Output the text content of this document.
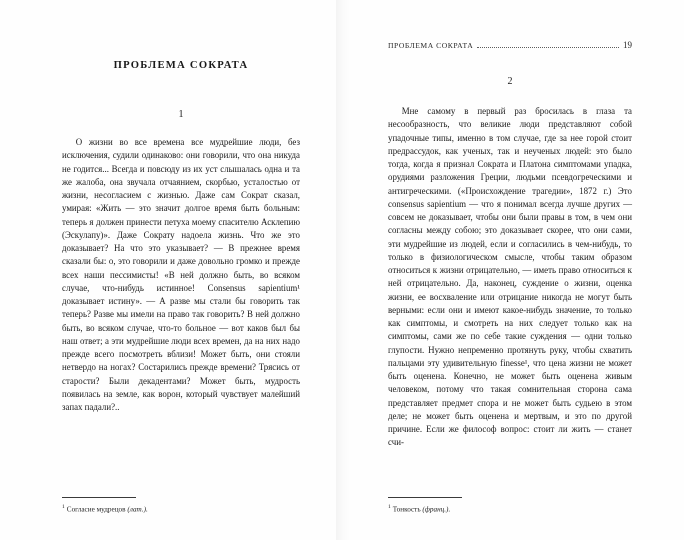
ПРОБЛЕМА СОКРАТА
1

О жизни во все времена все мудрейшие люди, без исключения, судили одинаково: они говорили, что она никуда не годится... Всегда и повсюду из их уст слышалась одна и та же жалоба, она звучала отчаянием, скорбью, усталостью от жизни, несогласием с жизнью. Даже сам Сократ сказал, умирая: «Жить — это значит долгое время быть больным: теперь я должен принести петуха моему спасителю Асклепию (Эскулапу)». Даже Сократу надоела жизнь. Что же это доказывает? На что это указывает? — В прежнее время сказали бы: о, это говорили и даже довольно громко и прежде всех наши пессимисты! «В ней должно быть, во всяком случае, что-нибудь истинное! Consensus sapientium¹ доказывает истину». — А разве мы стали бы говорить так теперь? Разве мы имели на право так говорить? В ней должно быть, во всяком случае, что-то больное — вот каков был бы наш ответ; а эти мудрейшие люди всех времен, да на них надо прежде всего посмотреть вблизи! Может быть, они стояли нетвердо на ногах? Состарились прежде времени? Трясись от старости? Были декадентами? Может быть, мудрость появилась на земле, как ворон, который чувствует малейший запах падали?..

$^1$ Согласие мудрецов (лат.).
ПРОБЛЕМА СОКРАТА	19
2

Мне самому в первый раз бросилась в глаза та несообразность, что великие люди представляют собой упадочные типы, именно в том случае, где за нее горой стоит предрассудок, как ученых, так и неученых людей: это было тогда, когда я признал Сократа и Платона симптомами упадка, орудиями разложения Греции, людьми псевдогреческими и антигреческими. («Происхождение трагедии», 1872 г.) Это consensus sapientium — что я понимал всегда лучше других — совсем не доказывает, чтобы они были правы в том, в чем они согласны между собою; это доказывает скорее, что они сами, эти мудрейшие из людей, если и согласились в чем-нибудь, то только в физиологическом смысле, чтобы таким образом относиться к жизни отрицательно, — иметь право относиться к ней отрицательно. Да, наконец, суждение о жизни, оценка жизни, ее восхваление или отрицание никогда не могут быть верными: если они и имеют какое-нибудь значение, то только как симптомы, и смотреть на них следует только как на симптомы, сами же по себе такие суждения — одни только глупости. Нужно непременно протянуть руку, чтобы схватить пальцами эту удивительную finesse¹, что цена жизни не может быть оценена. Конечно, не может быть оценена живым человеком, потому что такая сомнительная сторона сама представляет предмет спора и не может быть судьею в этом деле; не может быть оценена и мертвым, и это по другой причине. Если же философ вопрос: стоит ли жить — станет счи-

$^1$ Тонкость (франц.).
